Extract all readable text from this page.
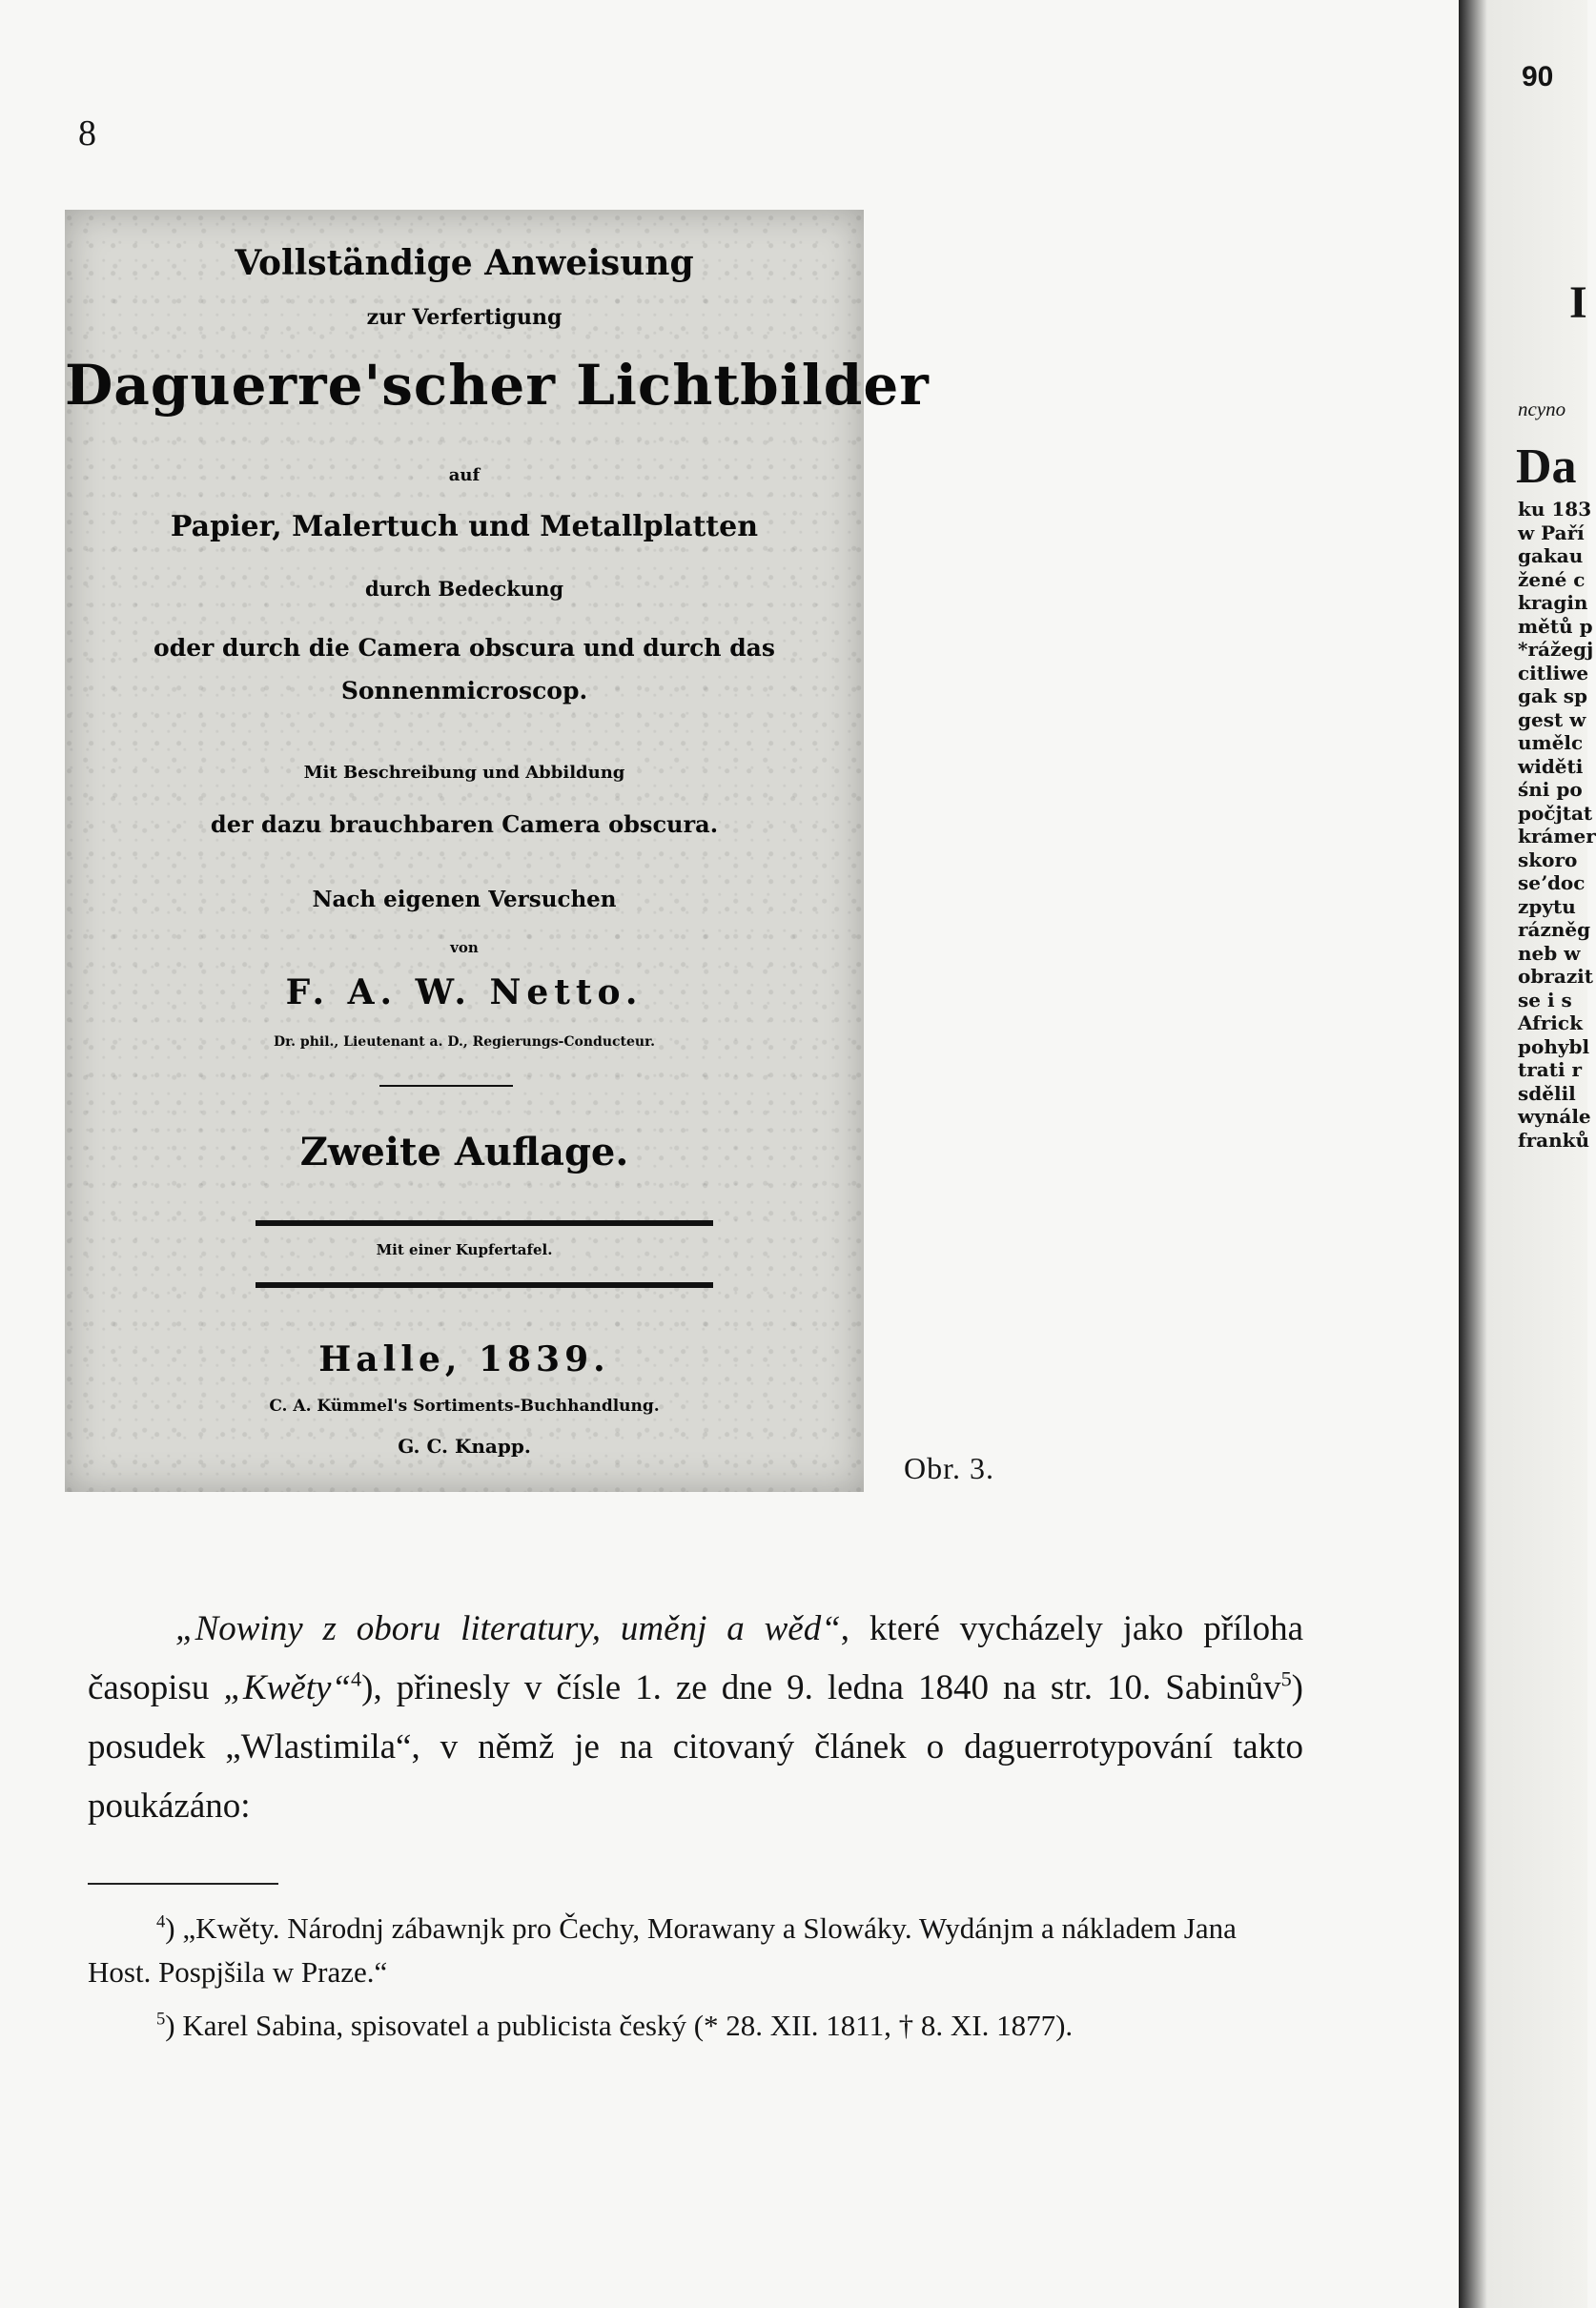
90
I
ncyno
Da
ku 183
w Paří
gakau
žené c
kragin
mětů p
*rážegj
citliwe
gak sp
gest w
umělc
widěti
śni po
počjtat
krámer
skoro
seʼdoc
zpytu
rázněg
neb w
obrazit
se i s
Africk
pohybl
trati r
sdělil
wynále
franků
8
Vollständige Anweisung
zur Verfertigung
Daguerre'scher Lichtbilder
auf
Papier, Malertuch und Metallplatten
durch Bedeckung
oder durch die Camera obscura und durch das
Sonnenmicroscop.
Mit Beschreibung und Abbildung
der dazu brauchbaren Camera obscura.
Nach eigenen Versuchen
von
F. A. W. Netto.
Dr. phil., Lieutenant a. D., Regierungs-Conducteur.
Zweite Auflage.
Mit einer Kupfertafel.
Halle, 1839.
C. A. Kümmel's Sortiments-Buchhandlung.
G. C. Knapp.
Obr. 3.
„Nowiny z oboru literatury, uměnj a wěd“, které vycházely jako příloha časopisu „Kwěty“$^4$), přinesly v čísle 1. ze dne 9. ledna 1840 na str. 10. Sabinův$^5$) posudek „Wlastimila“, v němž je na citovaný článek o daguerrotypování takto poukázáno:
$^4$) „Kwěty. Národnj zábawnjk pro Čechy, Morawany a Slowáky. Wydánjm a nákladem Jana Host. Pospjšila w Praze.“
$^5$) Karel Sabina, spisovatel a publicista český (* 28. XII. 1811, † 8. XI. 1877).
